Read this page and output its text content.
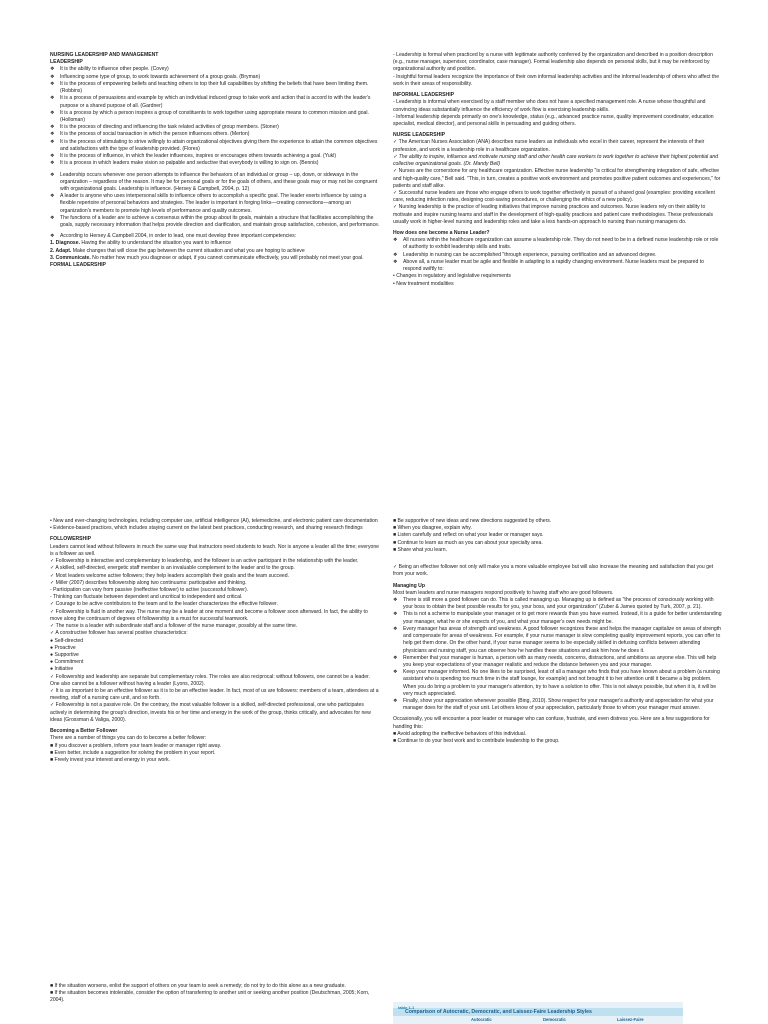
NURSING LEADERSHIP AND MANAGEMENT
LEADERSHIP
❖ It is the ability to influence other people. (Covey)
❖ Influencing some type of group, to work towards achievement of a group goals. (Bryman)
❖ It is the process of empowering beliefs and teaching others to top their full capabilities by shifting the beliefs that have been limiting them. (Robbins)
❖ It is a process of persuasions and example by which an individual induced group to take work and action that is accord to with the leader's purpose or a shared purpose of all. (Gardner)
❖ It is a process by which a person inspires a group of constituents to work together using appropriate means to common mission and goal. (Holloman)
❖ It is the process of directing and influencing the task related activities of group members. (Stoner)
❖ It is the process of social transaction in which the person influences others. (Merton)
❖ It is the process of stimulating to strive willingly to attain organizational objectives giving them the experience to attain the common objectives and satisfactions with the type of leadership provided. (Flores)
❖ It is the process of influence, in which the leader influences, inspires or encourages others towards achieving a goal. (Yukl)
❖ It is a process in which leaders make vision so palpable and seductive that everybody is willing to sign on. (Bennis)
❖ Leadership occurs whenever one person attempts to influence the behaviors of an individual or group – up, down, or sideways in the organization – regardless of the reason. It may be for personal goals or for the goals of others, and these goals may or may not be congruent with organizational goals. Leadership is influence. (Hersey & Campbell, 2004, p. 12)
❖ A leader is anyone who uses interpersonal skills to influence others to accomplish a specific goal. The leader exerts influence by using a flexible repertoire of personal behaviors and strategies. The leader is important in forging links—creating connections—among an organization's members to promote high levels of performance and quality outcomes.
❖ The functions of a leader are to achieve a consensus within the group about its goals, maintain a structure that facilitates accomplishing the goals, supply necessary information that helps provide direction and clarification, and maintain group satisfaction, cohesion, and performance.
❖ According to Hersey & Campbell 2004, in order to lead, one must develop three important competencies:
1. Diagnose. Having the ability to understand the situation you want to influence
2. Adapt. Make changes that will close the gap between the current situation and what you are hoping to achieve
3. Communicate. No matter how much you diagnose or adapt, if you cannot communicate effectively, you will probably not meet your goal.
FORMAL LEADERSHIP
- Leadership is formal when practiced by a nurse with legitimate authority conferred by the organization and described in a position description (e.g., nurse manager, supervisor, coordinator, case manager). Formal leadership also depends on personal skills, but it may be reinforced by organizational authority and position.
- Insightful formal leaders recognize the importance of their own informal leadership activities and the informal leadership of others who affect the work in their areas of responsibility.
INFORMAL LEADERSHIP
- Leadership is informal when exercised by a staff member who does not have a specified management role. A nurse whose thoughtful and convincing ideas substantially influence the efficiency of work flow is exercising leadership skills.
- Informal leadership depends primarily on one's knowledge, status (e.g., advanced practice nurse, quality improvement coordinator, education specialist, medical director), and personal skills in persuading and guiding others.
NURSE LEADERSHIP
✓ The American Nurses Association (ANA) describes nurse leaders as individuals who excel in their career, represent the interests of their profession, and work in a leadership role in a healthcare organization.
✓ The ability to inspire, influence and motivate nursing staff and other health care workers to work together to achieve their highest potential and collective organizational goals. (Dr. Mandy Bell)
✓ Nurses are the cornerstone for any healthcare organization. Effective nurse leadership "is critical for strengthening integration of safe, effective and high-quality care," Bell said. "This, in turn, creates a positive work environment and promotes positive patient outcomes and experiences," for patients and staff alike.
✓ Successful nurse leaders are those who engage others to work together effectively in pursuit of a shared goal (examples: providing excellent care, reducing infection rates, designing cost-saving procedures, or challenging the ethics of a new policy).
✓ Nursing leadership is the practice of leading initiatives that improve nursing practices and outcomes. Nurse leaders rely on their ability to motivate and inspire nursing teams and staff in the development of high-quality practices and patient care methodologies. These professionals usually work in higher-level nursing and leadership roles and take a less hands-on approach to nursing than nursing managers do.
How does one become a Nurse Leader?
❖ All nurses within the healthcare organization can assume a leadership role. They do not need to be in a defined nurse leadership role or role of authority to exhibit leadership skills and traits.
❖ Leadership in nursing can be accomplished "through experience, pursuing certification and an advanced degree.
❖ Above all, a nurse leader must be agile and flexible in adapting to a rapidly changing environment. Nurse leaders must be prepared to respond swiftly to:
• Changes in regulatory and legislative requirements
• New treatment modalities
• New and ever-changing technologies, including computer use, artificial intelligence (AI), telemedicine, and electronic patient care documentation
• Evidence-based practices, which includes staying current on the latest best practices, conducting research, and sharing research findings
FOLLOWERSHIP
Leaders cannot lead without followers in much the same way that instructors need students to teach. Nor is anyone a leader all the time; everyone is a follower as well.
✓ Followership is interactive and complementary to leadership, and the follower is an active participant in the relationship with the leader.
✓ A skilled, self-directed, energetic staff member is an invaluable complement to the leader and to the group.
✓ Most leaders welcome active followers; they help leaders accomplish their goals and the team succeed.
✓ Miller (2007) describes followership along two continuums: participative and thinking.
- Participation can vary from passive (ineffective follower) to active (successful follower).
- Thinking can fluctuate between dependent and uncritical to independent and critical.
✓ Courage to be active contributors to the team and to the leader characterizes the effective follower.
✓ Followership is fluid in another way. The nurse may be a leader at one moment and become a follower soon afterward. In fact, the ability to move along the continuum of degrees of followership is a must for successful teamwork.
✓ The nurse is a leader with subordinate staff and a follower of the nurse manager, possibly at the same time.
✓ A constructive follower has several positive characteristics:
● Self-directed
● Proactive
● Supportive
● Commitment
● Initiative
✓ Followership and leadership are separate but complementary roles. The roles are also reciprocal: without followers, one cannot be a leader. One also cannot be a follower without having a leader (Lyons, 2002).
✓ It is as important to be an effective follower as it is to be an effective leader. In fact, most of us are followers: members of a team, attendees at a meeting, staff of a nursing care unit, and so forth.
✓ Followership is not a passive role. On the contrary, the most valuable follower is a skilled, self-directed professional, one who participates actively in determining the group's direction, invests his or her time and energy in the work of the group, thinks critically, and advocates for new ideas (Grossman & Valiga, 2000).
Becoming a Better Follower
There are a number of things you can do to become a better follower:
■ If you discover a problem, inform your team leader or manager right away.
■ Even better, include a suggestion for solving the problem in your report.
■ Freely invest your interest and energy in your work.
■ Be supportive of new ideas and new directions suggested by others.
■ When you disagree, explain why.
■ Listen carefully and reflect on what your leader or manager says.
■ Continue to learn as much as you can about your specialty area.
■ Share what you learn.
✓ Being an effective follower not only will make you a more valuable employee but will also increase the meaning and satisfaction that you get from your work.
Managing Up
Most team leaders and nurse managers respond positively to having staff who are good followers.
❖ There is still more a good follower can do. This is called managing up. Managing up is defined as "the process of consciously working with your boss to obtain the best possible results for you, your boss, and your organization" (Zuber & James quoted by Turk, 2007, p. 21).
❖ This is not a scheme to manipulate your manager or to get more rewards than you have earned. Instead, it is a guide for better understanding your manager, what he or she expects of you, and what your manager's own needs might be.
❖ Every manager has areas of strength and weakness. A good follower recognizes these and helps the manager capitalize on areas of strength and compensate for areas of weakness. For example, if your nurse manager is slow completing quality improvement reports, you can offer to help get them done. On the other hand, if your nurse manager seems to be especially skilled in defusing conflicts between attending physicians and nursing staff, you can observe how he handles these situations and ask him how he does it.
❖ Remember that your manager is human, a person with as many needs, concerns, distractions, and ambitions as anyone else. This will help you keep your expectations of your manager realistic and reduce the distance between you and your manager.
❖ Keep your manager informed. No one likes to be surprised, least of all a manager who finds that you have known about a problem (a nursing assistant who is spending too much time in the staff lounge, for example) and not brought it to her attention until it became a big problem. When you do bring a problem to your manager's attention, try to have a solution to offer. This is not always possible, but when it is, it will be very much appreciated.
❖ Finally, show your appreciation whenever possible (Bing, 2010). Show respect for your manager's authority and appreciation for what your manager does for the staff of your unit. Let others know of your appreciation, particularly those to whom your manager must answer.
Occasionally, you will encounter a poor leader or manager who can confuse, frustrate, and even distress you. Here are a few suggestions for handling this:
■ Avoid adopting the ineffective behaviors of this individual.
■ Continue to do your best work and to contribute leadership to the group.
■ If the situation worsens, enlist the support of others on your team to seek a remedy; do not try to do this alone as a new graduate.
■ If the situation becomes intolerable, consider the option of transferring to another unit or seeking another position (Deutschman, 2005; Korn, 2004).
table 1-1
Comparison of Autocratic, Democratic, and Laissez-Faire Leadership Styles
Autocratic	Democratic	Laissez-Faire
